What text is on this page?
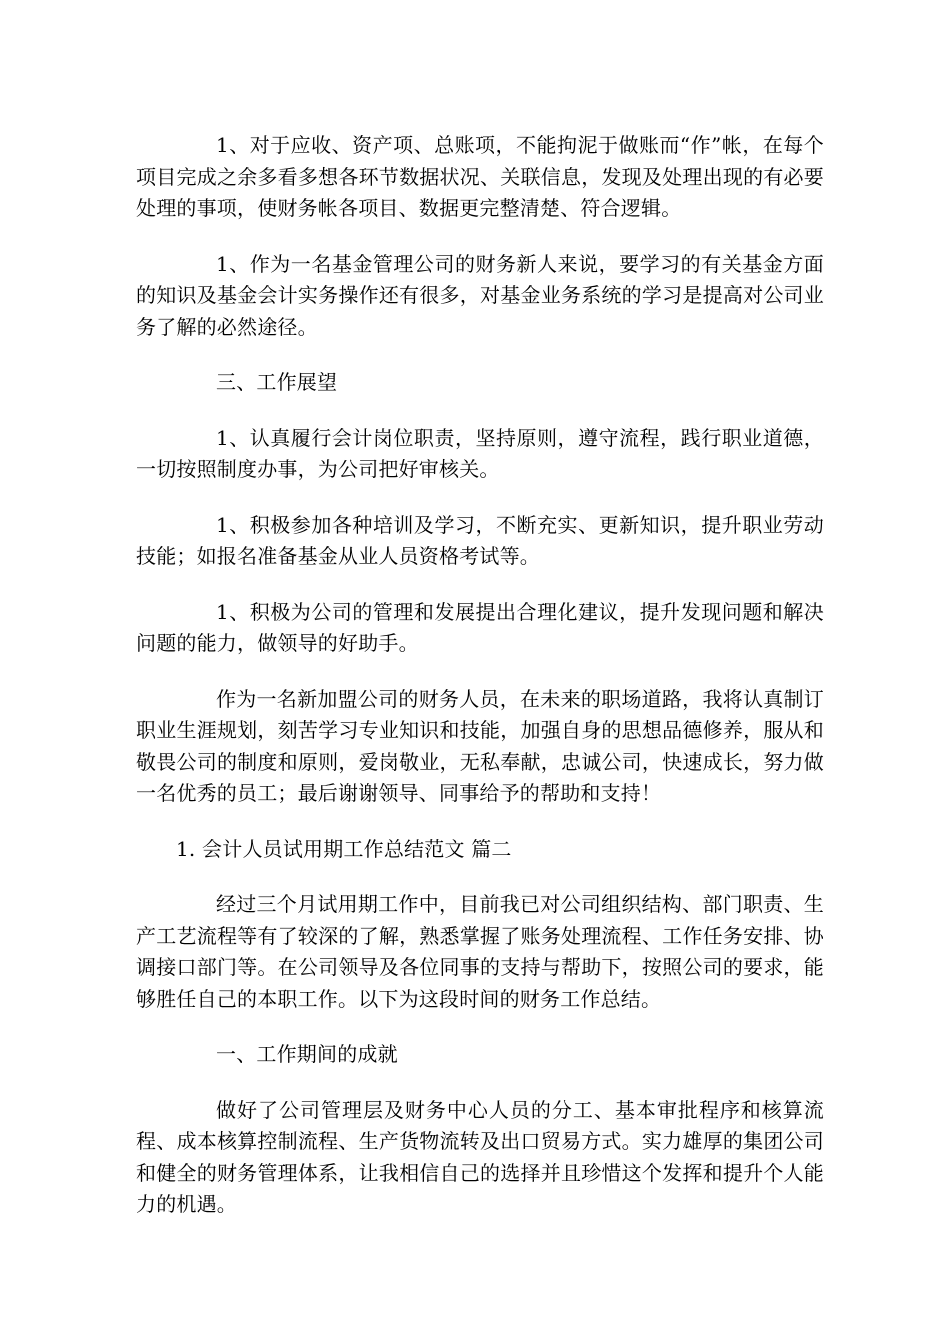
1、对于应收、资产项、总账项，不能拘泥于做账而“作”帐，在每个项目完成之余多看多想各环节数据状况、关联信息，发现及处理出现的有必要处理的事项，使财务帐各项目、数据更完整清楚、符合逻辑。

1、作为一名基金管理公司的财务新人来说，要学习的有关基金方面的知识及基金会计实务操作还有很多，对基金业务系统的学习是提高对公司业务了解的必然途径。

三、工作展望

1、认真履行会计岗位职责，坚持原则，遵守流程，践行职业道德，一切按照制度办事，为公司把好审核关。

1、积极参加各种培训及学习，不断充实、更新知识，提升职业劳动技能；如报名准备基金从业人员资格考试等。

1、积极为公司的管理和发展提出合理化建议，提升发现问题和解决问题的能力，做领导的好助手。

作为一名新加盟公司的财务人员，在未来的职场道路，我将认真制订职业生涯规划，刻苦学习专业知识和技能，加强自身的思想品德修养，服从和敬畏公司的制度和原则，爱岗敬业，无私奉献，忠诚公司，快速成长，努力做一名优秀的员工；最后谢谢领导、同事给予的帮助和支持！

1. 会计人员试用期工作总结范文 篇二

经过三个月试用期工作中，目前我已对公司组织结构、部门职责、生产工艺流程等有了较深的了解，熟悉掌握了账务处理流程、工作任务安排、协调接口部门等。在公司领导及各位同事的支持与帮助下，按照公司的要求，能够胜任自己的本职工作。以下为这段时间的财务工作总结。

一、工作期间的成就

做好了公司管理层及财务中心人员的分工、基本审批程序和核算流程、成本核算控制流程、生产货物流转及出口贸易方式。实力雄厚的集团公司和健全的财务管理体系，让我相信自己的选择并且珍惜这个发挥和提升个人能力的机遇。
